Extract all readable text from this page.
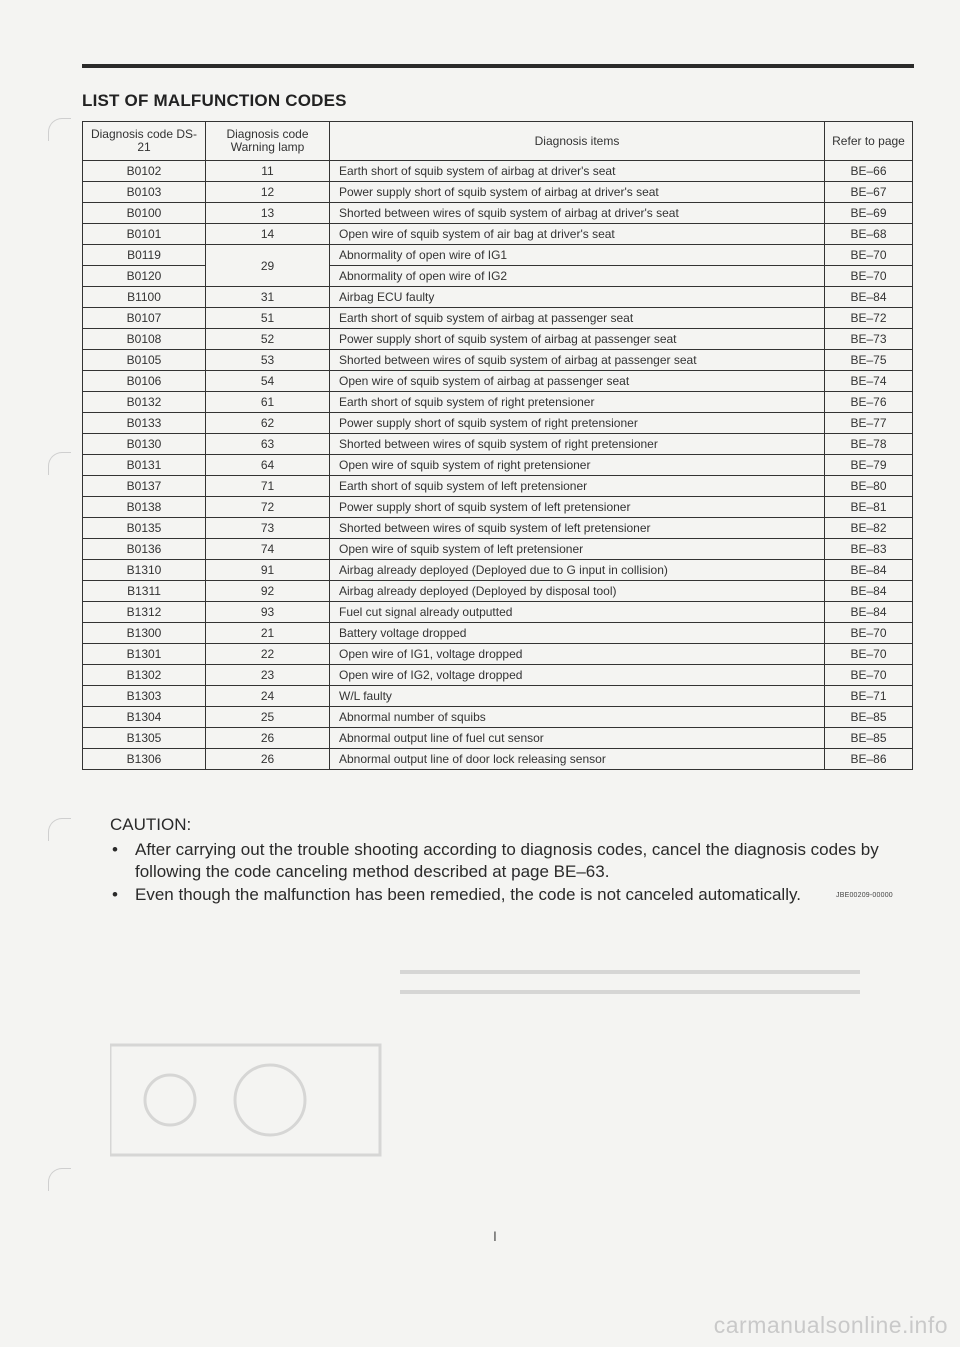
LIST OF MALFUNCTION CODES
Diagnosis code DS-21	Diagnosis code Warning lamp	Diagnosis items	Refer to page
B0102	11	Earth short of squib system of airbag at driver's seat	BE–66
B0103	12	Power supply short of squib system of airbag at driver's seat	BE–67
B0100	13	Shorted between wires of squib system of airbag at driver's seat	BE–69
B0101	14	Open wire of squib system of air bag at driver's seat	BE–68
B0119	29	Abnormality of open wire of IG1	BE–70
B0120		Abnormality of open wire of IG2	BE–70
B1100	31	Airbag ECU faulty	BE–84
B0107	51	Earth short of squib system of airbag at passenger seat	BE–72
B0108	52	Power supply short of squib system of airbag at passenger seat	BE–73
B0105	53	Shorted between wires of squib system of airbag at passenger seat	BE–75
B0106	54	Open wire of squib system of airbag at passenger seat	BE–74
B0132	61	Earth short of squib system of right pretensioner	BE–76
B0133	62	Power supply short of squib system of right pretensioner	BE–77
B0130	63	Shorted between wires of squib system of right pretensioner	BE–78
B0131	64	Open wire of squib system of right pretensioner	BE–79
B0137	71	Earth short of squib system of left pretensioner	BE–80
B0138	72	Power supply short of squib system of left pretensioner	BE–81
B0135	73	Shorted between wires of squib system of left pretensioner	BE–82
B0136	74	Open wire of squib system of left pretensioner	BE–83
B1310	91	Airbag already deployed (Deployed due to G input in collision)	BE–84
B1311	92	Airbag already deployed (Deployed by disposal tool)	BE–84
B1312	93	Fuel cut signal already outputted	BE–84
B1300	21	Battery voltage dropped	BE–70
B1301	22	Open wire of IG1, voltage dropped	BE–70
B1302	23	Open wire of IG2, voltage dropped	BE–70
B1303	24	W/L faulty	BE–71
B1304	25	Abnormal number of squibs	BE–85
B1305	26	Abnormal output line of fuel cut sensor	BE–85
B1306	26	Abnormal output line of door lock releasing sensor	BE–86
CAUTION:
• After carrying out the trouble shooting according to diagnosis codes, cancel the diagnosis codes by following the code canceling method described at page BE–63.
• Even though the malfunction has been remedied, the code is not canceled automatically.	JBE00209-00000
I
carmanualsonline.info
